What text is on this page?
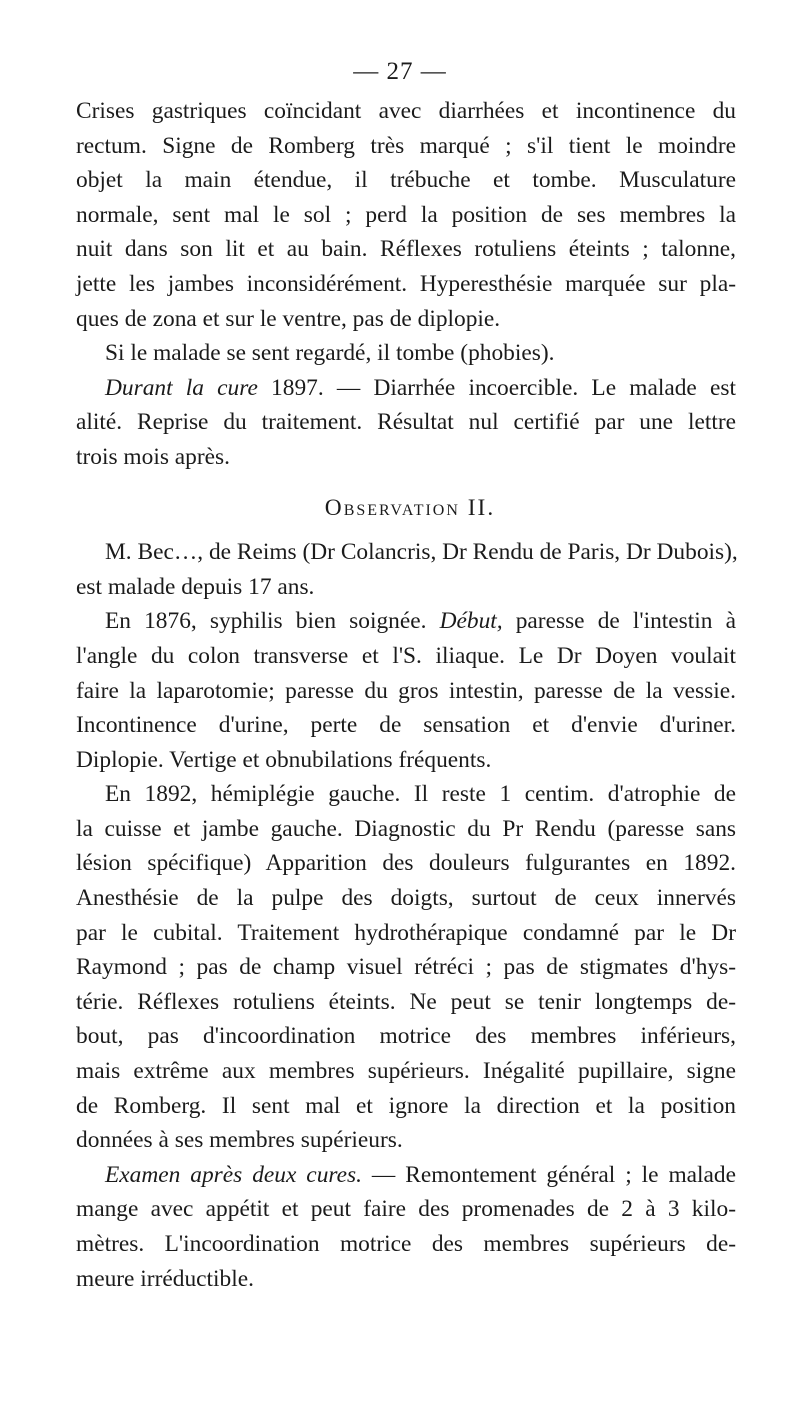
— 27 —
Crises gastriques coïncidant avec diarrhées et incontinence du
rectum. Signe de Romberg très marqué ; s'il tient le moindre
objet la main étendue, il trébuche et tombe. Musculature
normale, sent mal le sol ; perd la position de ses membres la
nuit dans son lit et au bain. Réflexes rotuliens éteints ; talonne,
jette les jambes inconsidérément. Hyperesthésie marquée sur pla-
ques de zona et sur le ventre, pas de diplopie.
Si le malade se sent regardé, il tombe (phobies).
Durant la cure 1897. — Diarrhée incoercible. Le malade est
alité. Reprise du traitement. Résultat nul certifié par une lettre
trois mois après.
Observation II.
M. Bec…, de Reims (Dr Colancris, Dr Rendu de Paris, Dr Dubois),
est malade depuis 17 ans.
En 1876, syphilis bien soignée. Début, paresse de l'intestin à
l'angle du colon transverse et l'S. iliaque. Le Dr Doyen voulait
faire la laparotomie; paresse du gros intestin, paresse de la vessie.
Incontinence d'urine, perte de sensation et d'envie d'uriner.
Diplopie. Vertige et obnubilations fréquents.
En 1892, hémiplégie gauche. Il reste 1 centim. d'atrophie de
la cuisse et jambe gauche. Diagnostic du Pr Rendu (paresse sans
lésion spécifique) Apparition des douleurs fulgurantes en 1892.
Anesthésie de la pulpe des doigts, surtout de ceux innervés
par le cubital. Traitement hydrothérapique condamné par le Dr
Raymond ; pas de champ visuel rétréci ; pas de stigmates d'hys-
térie. Réflexes rotuliens éteints. Ne peut se tenir longtemps de-
bout, pas d'incoordination motrice des membres inférieurs,
mais extrême aux membres supérieurs. Inégalité pupillaire, signe
de Romberg. Il sent mal et ignore la direction et la position
données à ses membres supérieurs.
Examen après deux cures. — Remontement général ; le malade
mange avec appétit et peut faire des promenades de 2 à 3 kilo-
mètres. L'incoordination motrice des membres supérieurs de-
meure irréductible.
